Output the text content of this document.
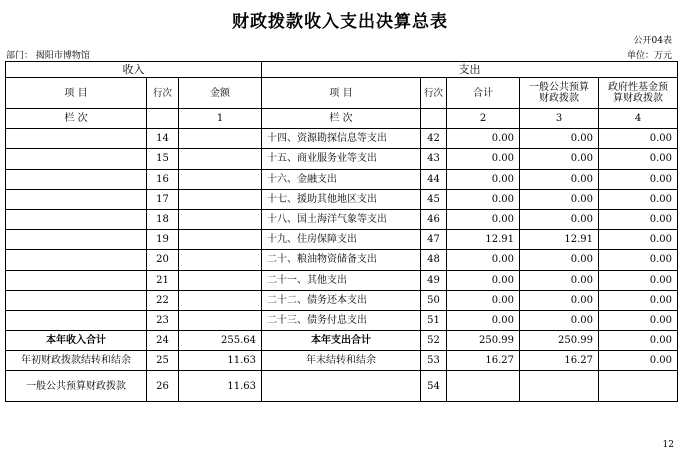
财政拨款收入支出决算总表
公开04表
部门： 揭阳市博物馆	单位：万元
收入			支出				
项 目	行次	金额	项 目	行次	合计	一般公共预算财政拨款	政府性基金预算财政拨款
栏 次		1	栏 次		2	3	4
	14		十四、资源勘探信息等支出	42	0.00	0.00	0.00
	15		十五、商业服务业等支出	43	0.00	0.00	0.00
	16		十六、金融支出	44	0.00	0.00	0.00
	17		十七、援助其他地区支出	45	0.00	0.00	0.00
	18		十八、国土海洋气象等支出	46	0.00	0.00	0.00
	19		十九、住房保障支出	47	12.91	12.91	0.00
	20		二十、粮油物资储备支出	48	0.00	0.00	0.00
	21		二十一、其他支出	49	0.00	0.00	0.00
	22		二十二、债务还本支出	50	0.00	0.00	0.00
	23		二十三、债务付息支出	51	0.00	0.00	0.00
本年收入合计	24	255.64	本年支出合计	52	250.99	250.99	0.00
年初财政拨款结转和结余	25	11.63	年末结转和结余	53	16.27	16.27	0.00
一般公共预算财政拨款	26	11.63		54			
12
